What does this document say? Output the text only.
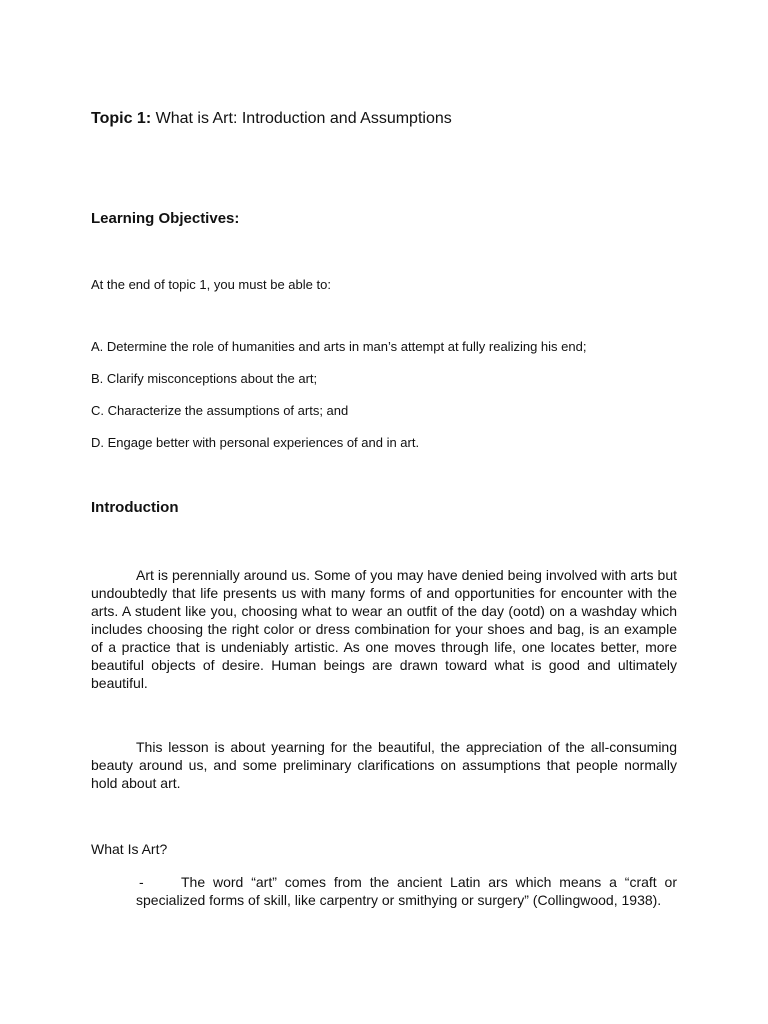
Topic 1: What is Art: Introduction and Assumptions
Learning Objectives:
At the end of topic 1, you must be able to:
A. Determine the role of humanities and arts in man’s attempt at fully realizing his end;
B. Clarify misconceptions about the art;
C. Characterize the assumptions of arts; and
D. Engage better with personal experiences of and in art.
Introduction
Art is perennially around us. Some of you may have denied being involved with arts but undoubtedly that life presents us with many forms of and opportunities for encounter with the arts. A student like you, choosing what to wear an outfit of the day (ootd) on a washday which includes choosing the right color or dress combination for your shoes and bag, is an example of a practice that is undeniably artistic. As one moves through life, one locates better, more beautiful objects of desire. Human beings are drawn toward what is good and ultimately beautiful.
This lesson is about yearning for the beautiful, the appreciation of the all-consuming beauty around us, and some preliminary clarifications on assumptions that people normally hold about art.
What Is Art?
-	The word “art” comes from the ancient Latin ars which means a “craft or specialized forms of skill, like carpentry or smithying or surgery” (Collingwood, 1938).
